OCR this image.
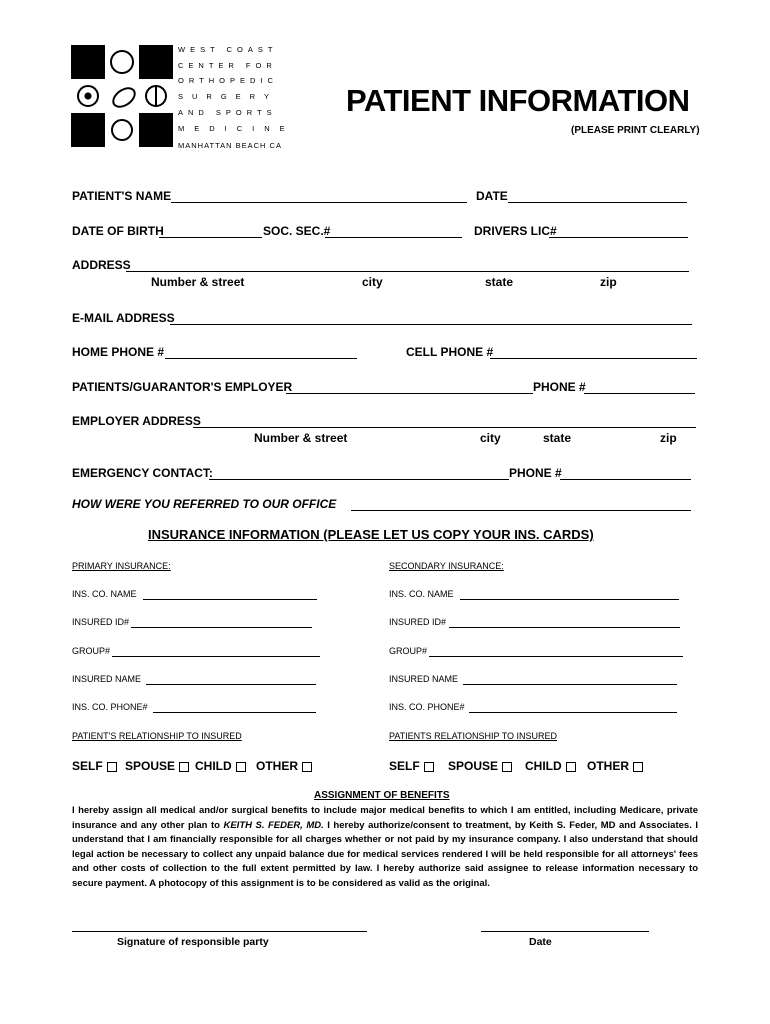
WEST COAST
CENTER FOR
ORTHOPEDIC
SURGERY
AND SPORTS
MEDICINE
MANHATTAN BEACH CA
PATIENT INFORMATION
(PLEASE PRINT CLEARLY)
PATIENT'S NAME	DATE
DATE OF BIRTH	SOC. SEC.#	DRIVERS LIC#
ADDRESS
Number & street	city	state	zip
E-MAIL ADDRESS
HOME PHONE #	CELL PHONE #
PATIENTS/GUARANTOR'S EMPLOYER	PHONE #
EMPLOYER ADDRESS
Number & street	city	state	zip
EMERGENCY CONTACT:	PHONE #
HOW WERE YOU REFERRED TO OUR OFFICE
INSURANCE INFORMATION (PLEASE LET US COPY YOUR INS. CARDS)
PRIMARY INSURANCE:
INS. CO. NAME
INSURED ID#
GROUP#
INSURED NAME
INS. CO. PHONE#
PATIENT'S RELATIONSHIP TO INSURED
SELF	SPOUSE	CHILD	OTHER
SECONDARY INSURANCE:
INS. CO. NAME
INSURED ID#
GROUP#
INSURED NAME
INS. CO. PHONE#
PATIENTS RELATIONSHIP TO INSURED
SELF	SPOUSE	CHILD	OTHER
ASSIGNMENT OF BENEFITS
I hereby assign all medical and/or surgical benefits to include major medical benefits to which I am entitled, including Medicare, private insurance and any other plan to KEITH S. FEDER, MD. I hereby authorize/consent to treatment, by Keith S. Feder, MD and Associates. I understand that I am financially responsible for all charges whether or not paid by my insurance company. I also understand that should legal action be necessary to collect any unpaid balance due for medical services rendered I will be held responsible for all attorneys' fees and other costs of collection to the full extent permitted by law. I hereby authorize said assignee to release information necessary to secure payment. A photocopy of this assignment is to be considered as valid as the original.
Signature of responsible party	Date
